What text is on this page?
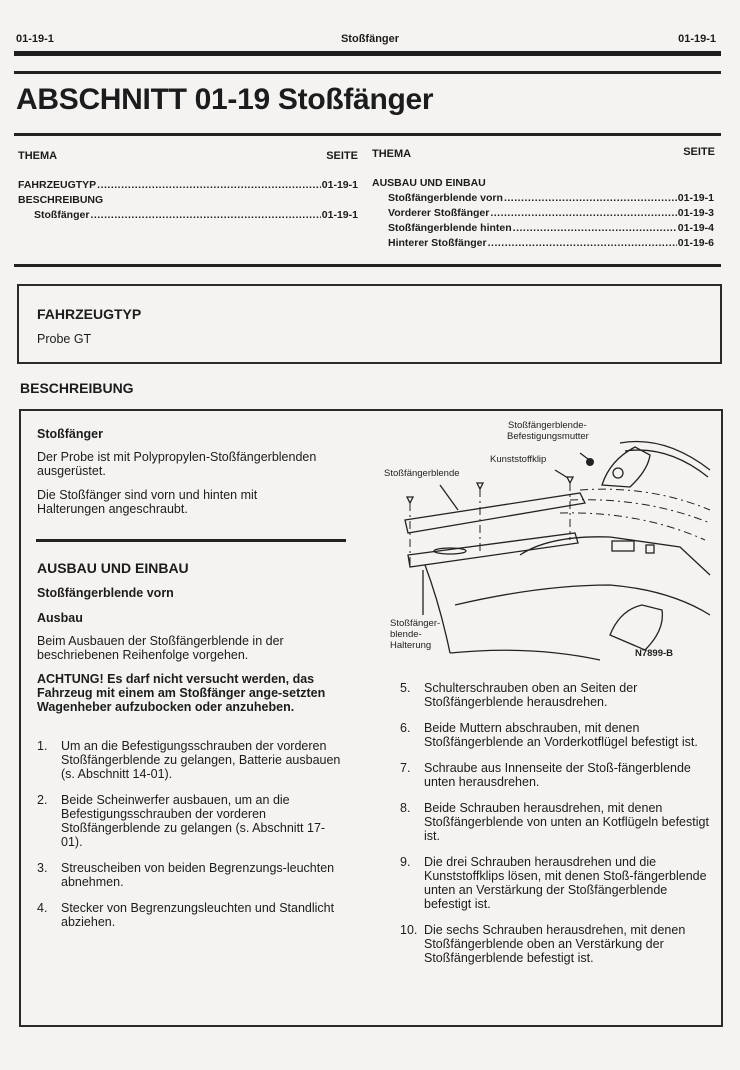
01-19-1	Stoßfänger	01-19-1
ABSCHNITT 01-19 Stoßfänger
THEMA	SEITE
FAHRZEUGTYP .....	01-19-1
BESCHREIBUNG
Stoßfänger .....	01-19-1
THEMA	SEITE
AUSBAU UND EINBAU
Stoßfängerblende vorn .....	01-19-1
Vorderer Stoßfänger .....	01-19-3
Stoßfängerblende hinten .....	01-19-4
Hinterer Stoßfänger .....	01-19-6
FAHRZEUGTYP
Probe GT
BESCHREIBUNG
Stoßfänger
Der Probe ist mit Polypropylen-Stoßfängerblenden ausgerüstet.
Die Stoßfänger sind vorn und hinten mit Halterungen angeschraubt.
AUSBAU UND EINBAU
Stoßfängerblende vorn
Ausbau
Beim Ausbauen der Stoßfängerblende in der beschriebenen Reihenfolge vorgehen.
ACHTUNG! Es darf nicht versucht werden, das Fahrzeug mit einem am Stoßfänger ange-setzten Wagenheber aufzubocken oder anzuheben.
1.	Um an die Befestigungsschrauben der vorderen Stoßfängerblende zu gelangen, Batterie ausbauen (s. Abschnitt 14-01).
2.	Beide Scheinwerfer ausbauen, um an die Befestigungsschrauben der vorderen Stoßfängerblende zu gelangen (s. Abschnitt 17-01).
3.	Streuscheiben von beiden Begrenzungs-leuchten abnehmen.
4.	Stecker von Begrenzungsleuchten und Standlicht abziehen.
Stoßfängerblende-
Befestigungsmutter
Kunststoffklip
Stoßfängerblende
Stoßfänger-
blende-
Halterung
N7899-B
5.	Schulterschrauben oben an Seiten der Stoßfängerblende herausdrehen.
6.	Beide Muttern abschrauben, mit denen Stoßfängerblende an Vorderkotflügel befestigt ist.
7.	Schraube aus Innenseite der Stoß-fängerblende unten herausdrehen.
8.	Beide Schrauben herausdrehen, mit denen Stoßfängerblende von unten an Kotflügeln befestigt ist.
9.	Die drei Schrauben herausdrehen und die Kunststoffklips lösen, mit denen Stoß-fängerblende unten an Verstärkung der Stoßfängerblende befestigt ist.
10. Die sechs Schrauben herausdrehen, mit denen Stoßfängerblende oben an Verstärkung der Stoßfängerblende befestigt ist.
